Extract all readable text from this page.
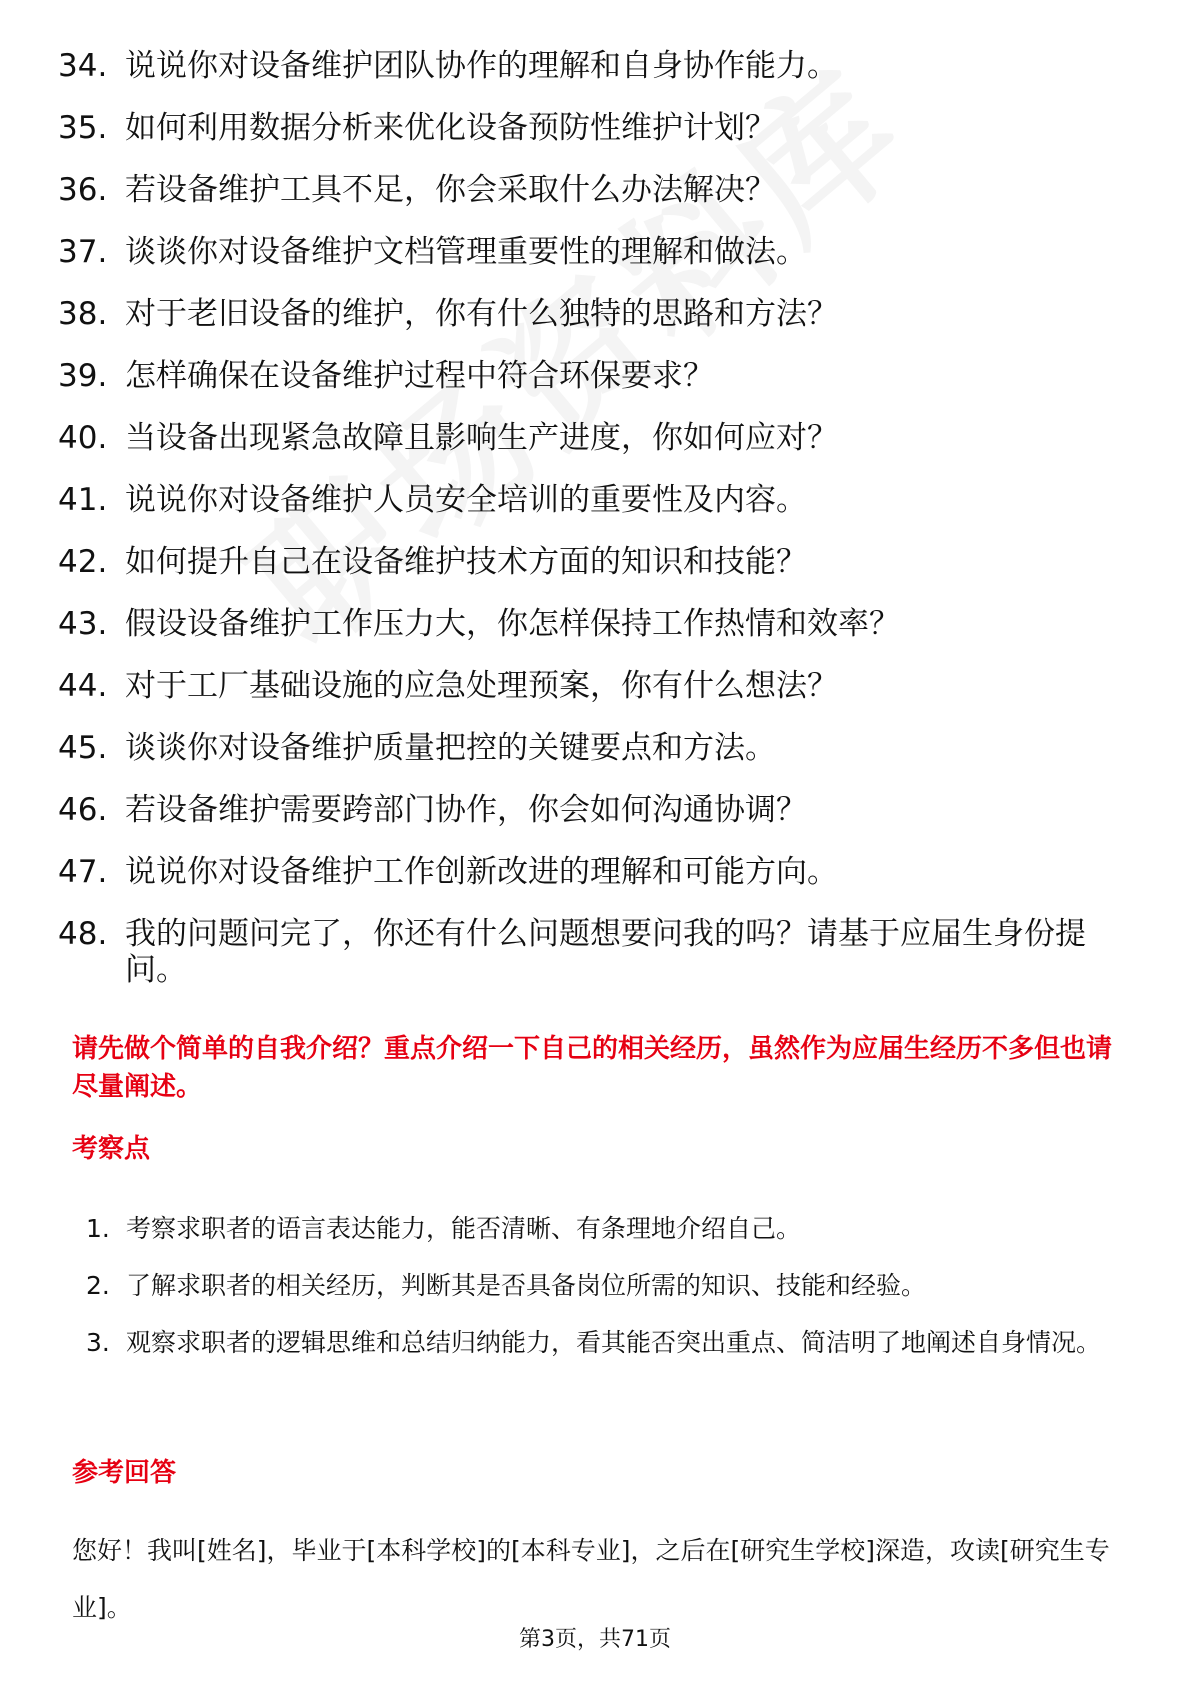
34. 说说你对设备维护团队协作的理解和自身协作能力。
35. 如何利用数据分析来优化设备预防性维护计划？
36. 若设备维护工具不足，你会采取什么办法解决？
37. 谈谈你对设备维护文档管理重要性的理解和做法。
38. 对于老旧设备的维护，你有什么独特的思路和方法？
39. 怎样确保在设备维护过程中符合环保要求？
40. 当设备出现紧急故障且影响生产进度，你如何应对？
41. 说说你对设备维护人员安全培训的重要性及内容。
42. 如何提升自己在设备维护技术方面的知识和技能？
43. 假设设备维护工作压力大，你怎样保持工作热情和效率？
44. 对于工厂基础设施的应急处理预案，你有什么想法？
45. 谈谈你对设备维护质量把控的关键要点和方法。
46. 若设备维护需要跨部门协作，你会如何沟通协调？
47. 说说你对设备维护工作创新改进的理解和可能方向。
48. 我的问题问完了，你还有什么问题想要问我的吗？请基于应届生身份提问。
请先做个简单的自我介绍？重点介绍一下自己的相关经历，虽然作为应届生经历不多但也请尽量阐述。
考察点
1. 考察求职者的语言表达能力，能否清晰、有条理地介绍自己。
2. 了解求职者的相关经历，判断其是否具备岗位所需的知识、技能和经验。
3. 观察求职者的逻辑思维和总结归纳能力，看其能否突出重点、简洁明了地阐述自身情况。
参考回答
您好！我叫[姓名]，毕业于[本科学校]的[本科专业]，之后在[研究生学校]深造，攻读[研究生专业]。
第3页，共71页
